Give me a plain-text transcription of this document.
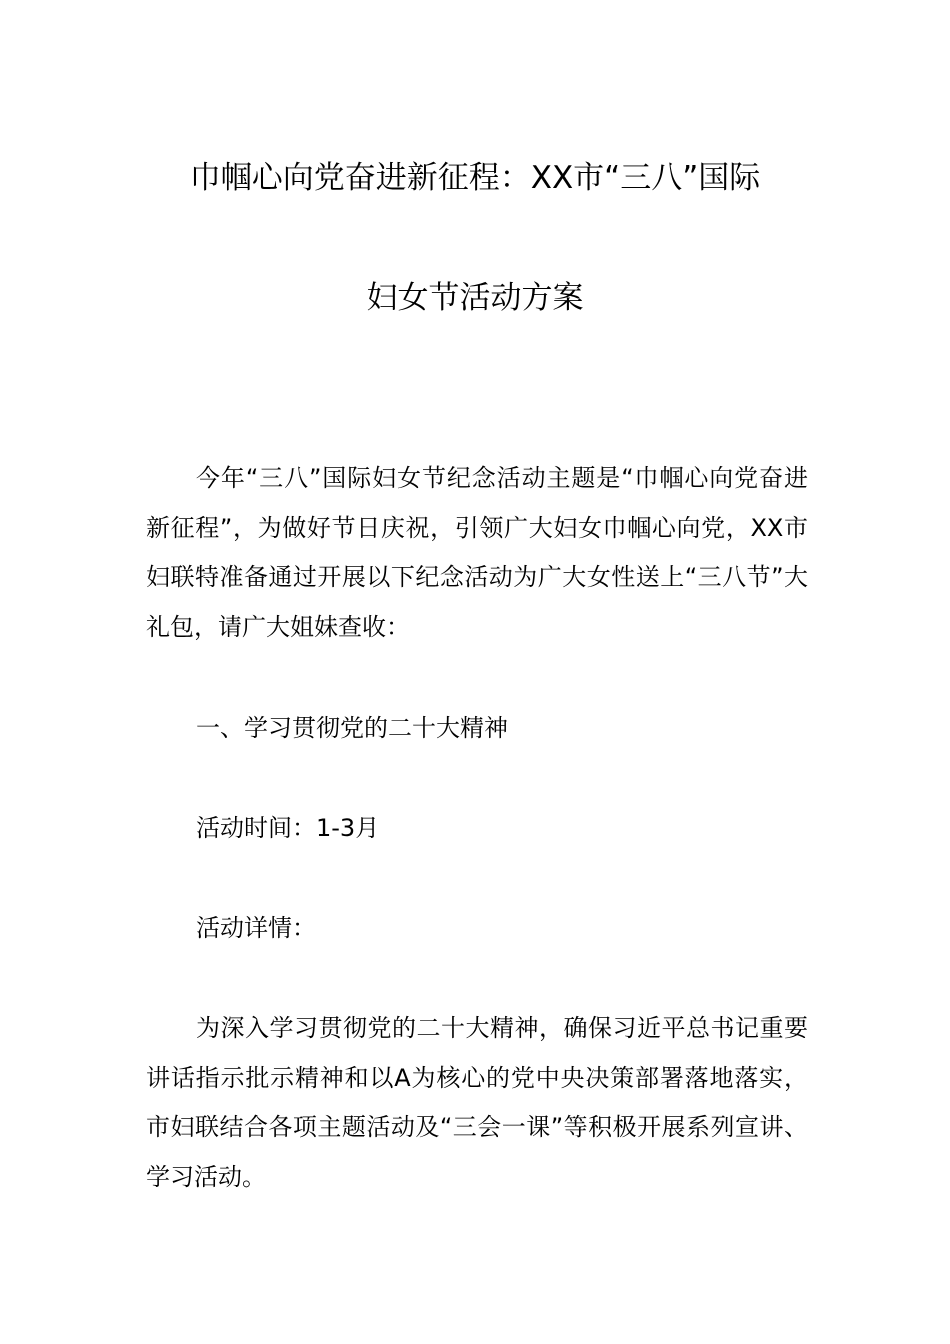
巾帼心向党奋进新征程：XX市“三八”国际
妇女节活动方案

今年“三八”国际妇女节纪念活动主题是“巾帼心向党奋进新征程”，为做好节日庆祝，引领广大妇女巾帼心向党，XX市妇联特准备通过开展以下纪念活动为广大女性送上“三八节”大礼包，请广大姐妹查收：

一、学习贯彻党的二十大精神

活动时间：1-3月

活动详情：

为深入学习贯彻党的二十大精神，确保习近平总书记重要讲话指示批示精神和以A为核心的党中央决策部署落地落实，市妇联结合各项主题活动及“三会一课”等积极开展系列宣讲、学习活动。
